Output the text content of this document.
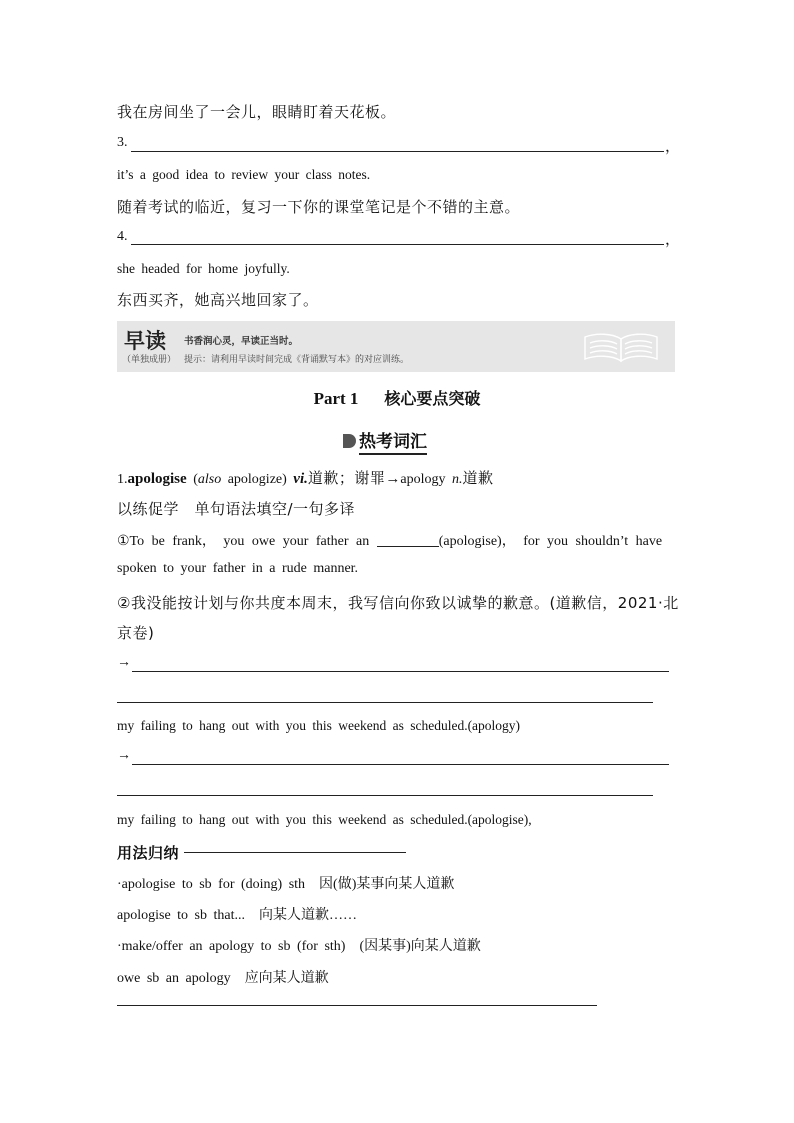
我在房间坐了一会儿，眼睛盯着天花板。
3.	，
it’s a good idea to review your class notes.
随着考试的临近，复习一下你的课堂笔记是个不错的主意。
4.	，
she headed for home joyfully.
东西买齐，她高兴地回家了。
早读
（单独成册）
书香润心灵，早读正当时。
提示：请利用早读时间完成《背诵默写本》的对应训练。
Part 1 核心要点突破
热考词汇
1.apologise (also apologize) vi.道歉；谢罪→apology n.道歉
以练促学　单句语法填空/一句多译
①To be frank， you owe your father an	(apologise)， for you shouldn’t have
spoken to your father in a rude manner.
②我没能按计划与你共度本周末，我写信向你致以诚挚的歉意。(道歉信，2021·北
京卷)
→
my failing to hang out with you this weekend as scheduled.(apology)
→
my failing to hang out with you this weekend as scheduled.(apologise),
用法归纳
·apologise to sb for (doing) sth　因(做)某事向某人道歉
apologise to sb that...　向某人道歉……
·make/offer an apology to sb (for sth)　(因某事)向某人道歉
owe sb an apology　应向某人道歉
